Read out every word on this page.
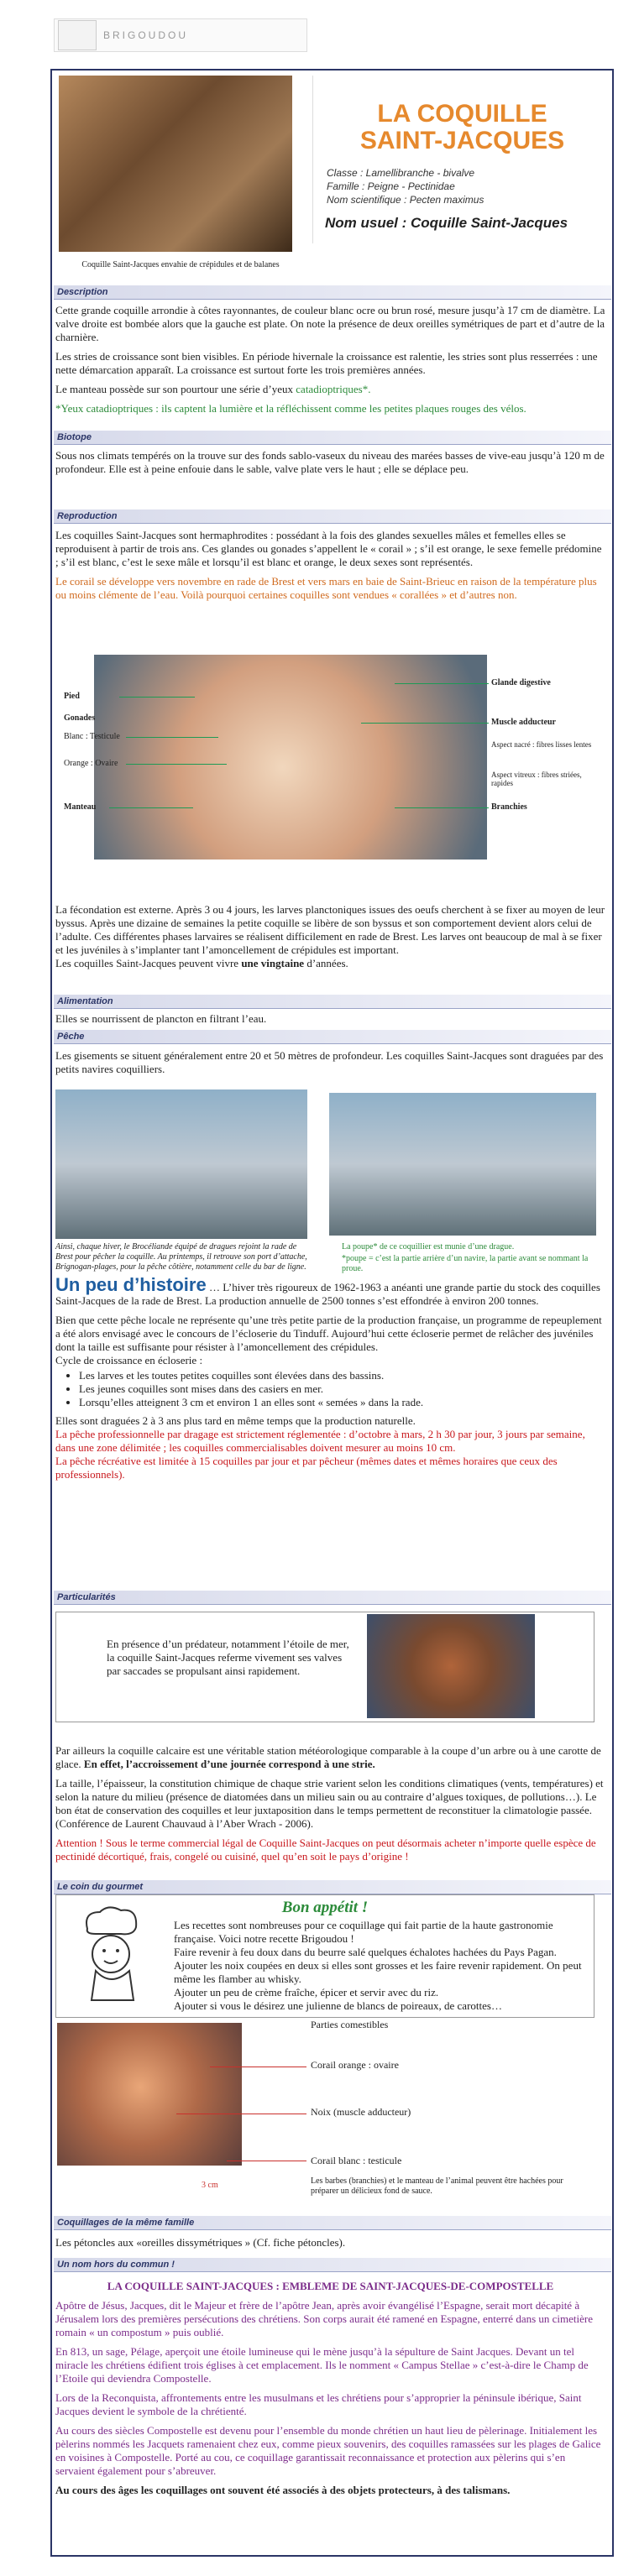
BRIGOUDOU
Coquille Saint-Jacques envahie de crépidules et de balanes
LA COQUILLE
SAINT-JACQUES
Classe : Lamellibranche - bivalve
Famille : Peigne - Pectinidae
Nom scientifique : Pecten maximus
Nom usuel : Coquille Saint-Jacques
Description

Cette grande coquille arrondie à côtes rayonnantes, de couleur blanc ocre ou brun rosé, mesure jusqu’à 17 cm de diamètre. La valve droite est bombée alors que la gauche est plate. On note la présence de deux oreilles symétriques de part et d’autre de la charnière.

Les stries de croissance sont bien visibles. En période hivernale la croissance est ralentie, les stries sont plus resserrées : une nette démarcation apparaît. La croissance est surtout forte les trois premières années.

Le manteau possède sur son pourtour une série d’yeux catadioptriques*.

*Yeux catadioptriques : ils captent la lumière et la réfléchissent comme les petites plaques rouges des vélos.

Biotope

Sous nos climats tempérés on la trouve sur des fonds sablo-vaseux du niveau des marées basses de vive-eau jusqu’à 120 m de profondeur. Elle est à peine enfouie dans le sable, valve plate vers le haut ; elle se déplace peu.

Reproduction

Les coquilles Saint-Jacques sont hermaphrodites : possédant à la fois des glandes sexuelles mâles et femelles elles se reproduisent à partir de trois ans. Ces glandes ou gonades s’appellent le « corail » ; s’il est orange, le sexe femelle prédomine ; s’il est blanc, c’est le sexe mâle et lorsqu’il est blanc et orange, le deux sexes sont représentés.

Le corail se développe vers novembre en rade de Brest et vers mars en baie de Saint-Brieuc en raison de la température plus ou moins clémente de l’eau. Voilà pourquoi certaines coquilles sont vendues « corallées » et d’autres non.

Pied
Gonades
Blanc : Testicule
Orange : Ovaire
Manteau
Glande digestive
Muscle adducteur
Aspect nacré : fibres lisses lentes
Aspect vitreux : fibres striées, rapides
Branchies

La fécondation est externe. Après 3 ou 4 jours, les larves planctoniques issues des oeufs cherchent à se fixer au moyen de leur byssus. Après une dizaine de semaines la petite coquille se libère de son byssus et son comportement devient alors celui de l’adulte. Ces différentes phases larvaires se réalisent difficilement en rade de Brest. Les larves ont beaucoup de mal à se fixer et les juvéniles à s’implanter tant l’amoncellement de crépidules est important.

Les coquilles Saint-Jacques peuvent vivre une vingtaine d’années.

Alimentation

Elles se nourrissent de plancton en filtrant l’eau.

Pêche

Les gisements se situent généralement entre 20 et 50 mètres de profondeur. Les coquilles Saint-Jacques sont draguées par des petits navires coquilliers.

Ainsi, chaque hiver, le Brocéliande équipé de dragues rejoint la rade de Brest pour pêcher la coquille. Au printemps, il retrouve son port d’attache, Brignogan-plages, pour la pêche côtière, notamment celle du bar de ligne.
La poupe* de ce coquillier est munie d’une drague.
*poupe = c’est la partie arrière d’un navire, la partie avant se nommant la proue.

Un peu d’histoire … L’hiver très rigoureux de 1962-1963 a anéanti une grande partie du stock des coquilles Saint-Jacques de la rade de Brest. La production annuelle de 2500 tonnes s’est effondrée à environ 200 tonnes.

Bien que cette pêche locale ne représente qu’une très petite partie de la production française, un programme de repeuplement a été alors envisagé avec le concours de l’écloserie du Tinduff. Aujourd’hui cette écloserie permet de relâcher des juvéniles dont la taille est suffisante pour résister à l’amoncellement des crépidules.

Cycle de croissance en écloserie :

• Les larves et les toutes petites coquilles sont élevées dans des bassins.
• Les jeunes coquilles sont mises dans des casiers en mer.
• Lorsqu’elles atteignent 3 cm et environ 1 an elles sont « semées » dans la rade.

Elles sont draguées 2 à 3 ans plus tard en même temps que la production naturelle.

La pêche professionnelle par dragage est strictement réglementée : d’octobre à mars, 2 h 30 par jour, 3 jours par semaine, dans une zone délimitée ; les coquilles commercialisables doivent mesurer au moins 10 cm.

La pêche récréative est limitée à 15 coquilles par jour et par pêcheur (mêmes dates et mêmes horaires que ceux des professionnels).

Particularités
En présence d’un prédateur, notamment l’étoile de mer, la coquille Saint-Jacques referme vivement ses valves par saccades se propulsant ainsi rapidement.

Par ailleurs la coquille calcaire est une véritable station météorologique comparable à la coupe d’un arbre ou à une carotte de glace. En effet, l’accroissement d’une journée correspond à une strie.

La taille, l’épaisseur, la constitution chimique de chaque strie varient selon les conditions climatiques (vents, températures) et selon la nature du milieu (présence de diatomées dans un milieu sain ou au contraire d’algues toxiques, de pollutions…). Le bon état de conservation des coquilles et leur juxtaposition dans le temps permettent de reconstituer la climatologie passée.

(Conférence de Laurent Chauvaud à l’Aber Wrach - 2006).

Attention ! Sous le terme commercial légal de Coquille Saint-Jacques on peut désormais acheter n’importe quelle espèce de pectinidé décortiqué, frais, congelé ou cuisiné, quel qu’en soit le pays d’origine !

Le coin du gourmet
Bon appétit !

Les recettes sont nombreuses pour ce coquillage qui fait partie de la haute gastronomie française. Voici notre recette Brigoudou !

Faire revenir à feu doux dans du beurre salé quelques échalotes hachées du Pays Pagan. Ajouter les noix coupées en deux si elles sont grosses et les faire revenir rapidement. On peut même les flamber au whisky.

Ajouter un peu de crème fraîche, épicer et servir avec du riz.

Ajouter si vous le désirez une julienne de blancs de poireaux, de carottes…

3 cm
Parties comestibles
Corail orange : ovaire
Noix (muscle adducteur)
Corail blanc : testicule
Les barbes (branchies) et le manteau de l’animal peuvent être hachées pour préparer un délicieux fond de sauce.
Coquillages de la même famille

Les pétoncles aux «oreilles dissymétriques » (Cf. fiche pétoncles).

Un nom hors du commun !

LA COQUILLE SAINT-JACQUES : EMBLEME DE SAINT-JACQUES-DE-COMPOSTELLE

Apôtre de Jésus, Jacques, dit le Majeur et frère de l’apôtre Jean, après avoir évangélisé l’Espagne, serait mort décapité à Jérusalem lors des premières persécutions des chrétiens. Son corps aurait été ramené en Espagne, enterré dans un cimetière romain « un compostum » puis oublié.

En 813, un sage, Pélage, aperçoit une étoile lumineuse qui le mène jusqu’à la sépulture de Saint Jacques. Devant un tel miracle les chrétiens édifient trois églises à cet emplacement. Ils le nomment « Campus Stellae » c’est-à-dire le Champ de l’Etoile qui deviendra Compostelle.

Lors de la Reconquista, affrontements entre les musulmans et les chrétiens pour s’approprier la péninsule ibérique, Saint Jacques devient le symbole de la chrétienté.

Au cours des siècles Compostelle est devenu pour l’ensemble du monde chrétien un haut lieu de pèlerinage. Initialement les pèlerins nommés les Jacquets ramenaient chez eux, comme pieux souvenirs, des coquilles ramassées sur les plages de Galice en voisines à Compostelle. Porté au cou, ce coquillage garantissait reconnaissance et protection aux pèlerins qui s’en servaient également pour s’abreuver.

Au cours des âges les coquillages ont souvent été associés à des objets protecteurs, à des talismans.
